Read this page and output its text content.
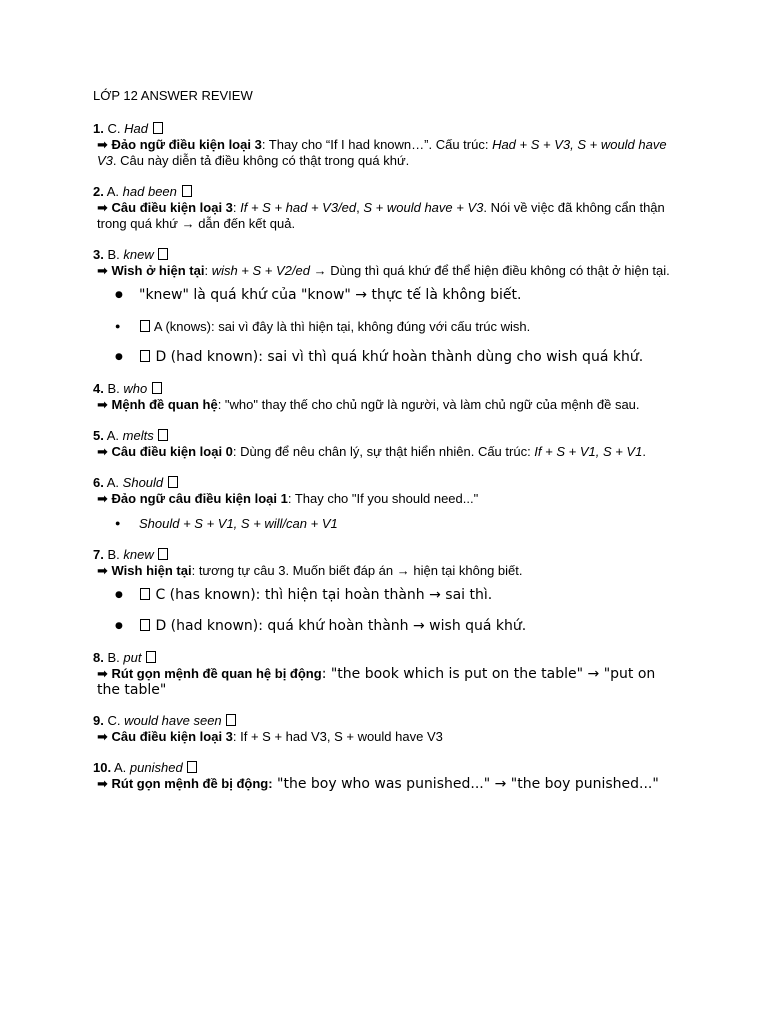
LỚP 12 ANSWER REVIEW
1. C. Had
➡ Đảo ngữ điều kiện loại 3: Thay cho “If I had known…”. Cấu trúc: Had + S + V3, S + would have V3. Câu này diễn tả điều không có thật trong quá khứ.
2. A. had been
➡ Câu điều kiện loại 3: If + S + had + V3/ed, S + would have + V3. Nói về việc đã không cẩn thận trong quá khứ → dẫn đến kết quả.
3. B. knew
➡ Wish ở hiện tại: wish + S + V2/ed → Dùng thì quá khứ để thể hiện điều không có thật ở hiện tại.
● "knew" là quá khứ của "know" → thực tế là không biết.
● A (knows): sai vì đây là thì hiện tại, không đúng với cấu trúc wish.
● D (had known): sai vì thì quá khứ hoàn thành dùng cho wish quá khứ.
4. B. who
➡ Mệnh đề quan hệ: "who" thay thế cho chủ ngữ là người, và làm chủ ngữ của mệnh đề sau.
5. A. melts
➡ Câu điều kiện loại 0: Dùng để nêu chân lý, sự thật hiển nhiên. Cấu trúc: If + S + V1, S + V1.
6. A. Should
➡ Đảo ngữ câu điều kiện loại 1: Thay cho "If you should need..."
● Should + S + V1, S + will/can + V1
7. B. knew
➡ Wish hiện tại: tương tự câu 3. Muốn biết đáp án → hiện tại không biết.
● C (has known): thì hiện tại hoàn thành → sai thì.
● D (had known): quá khứ hoàn thành → wish quá khứ.
8. B. put
➡ Rút gọn mệnh đề quan hệ bị động: "the book which is put on the table" → "put on the table"
9. C. would have seen
➡ Câu điều kiện loại 3: If + S + had V3, S + would have V3
10. A. punished
➡ Rút gọn mệnh đề bị động: "the boy who was punished..." → "the boy punished..."
